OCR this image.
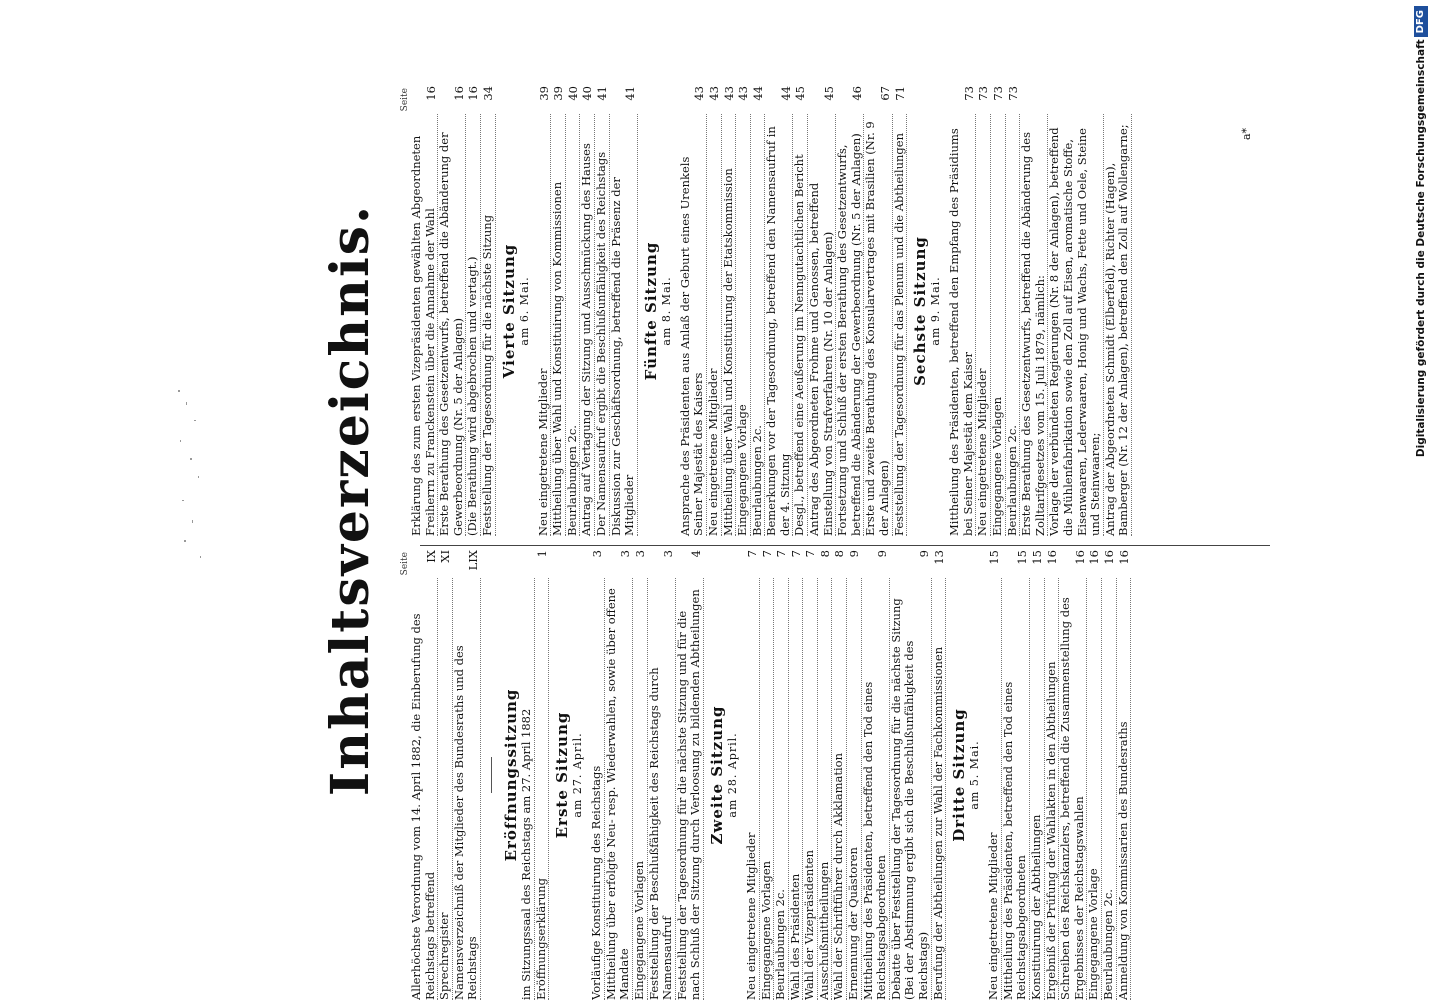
Inhaltsverzeichnis. Seite
Allerhöchste Verordnung vom 14. April 1882, die Einberufung des Reichstags betreffend
IX
Sprechregister
XI
Namensverzeichniß der Mitglieder des Bundesraths und des Reichstags
LIX
Eröffnungssitzung im Sitzungssaal des Reichstags am 27. April 1882 Eröffnungserklärung
1
Erste Sitzung am 27. April. Vorläufige Konstituirung des Reichstags
3
Mittheilung über erfolgte Neu- resp. Wiederwahlen, sowie über offene Mandate
3
Eingegangene Vorlagen
3
Feststellung der Beschlußfähigkeit des Reichstags durch Namensaufruf
3
Feststellung der Tagesordnung für die nächste Sitzung und für die nach Schluß der Sitzung durch Verloosung zu bildenden Abtheilungen
4
Zweite Sitzung am 28. April.
Neu eingetretene Mitglieder
7
Eingegangene Vorlagen
7
Beurlaubungen 2c.
7
Wahl des Präsidenten
7
Wahl der Vizepräsidenten
7
Ausschußmittheilungen
8
Wahl der Schriftführer durch Akklamation
8
Ernennung der Quästoren
9
Mittheilung des Präsidenten, betreffend den Tod eines Reichstagsabgeordneten
9
Debatte über Feststellung der Tagesordnung für die nächste Sitzung (Bei der Abstimmung ergibt sich die Beschlußunfähigkeit des Reichstags)
9
Berufung der Abtheilungen zur Wahl der Fachkommissionen
13
Dritte Sitzung am 5. Mai.
Neu eingetretene Mitglieder
15
Mittheilung des Präsidenten, betreffend den Tod eines Reichstagsabgeordneten
15
Konstituirung der Abtheilungen
15
Ergebniß der Prüfung der Wahlakten in den Abtheilungen
16
Schreiben des Reichskanzlers, betreffend die Zusammenstellung des Ergebnisses der Reichstagswahlen
16
Eingegangene Vorlage
16
Beurlaubungen 2c.
16
Anmeldung von Kommissarien des Bundesraths
16
Seite
Erklärung des zum ersten Vizepräsidenten gewählten Abgeordneten Freiherrn zu Franckenstein über die Annahme der Wahl
16
Erste Berathung des Gesetzentwurfs, betreffend die Abänderung der Gewerbeordnung (Nr. 5 der Anlagen)
16
(Die Berathung wird abgebrochen und vertagt.)
16
Feststellung der Tagesordnung für die nächste Sitzung
34
Vierte Sitzung am 6. Mai.
Neu eingetretene Mitglieder
39
Mittheilung über Wahl und Konstituirung von Kommissionen
39
Beurlaubungen 2c.
40
Antrag auf Vertagung der Sitzung und Ausschmückung des Hauses
40
Der Namensaufruf ergibt die Beschlußunfähigkeit des Reichstags
41
Diskussion zur Geschäftsordnung, betreffend die Präsenz der Mitglieder
41
Fünfte Sitzung am 8. Mai. Ansprache des Präsidenten aus Anlaß der Geburt eines Urenkels Seiner Majestät des Kaisers
43
Neu eingetretene Mitglieder
43
Mittheilung über Wahl und Konstituirung der Etatskommission
43
Eingegangene Vorlage
43
Beurlaubungen 2c.
44
Bemerkungen vor der Tagesordnung, betreffend den Namensaufruf in der 4. Sitzung
44
Desgl., betreffend eine Aeußerung im Nenngutachtlichen Bericht
45
Antrag des Abgeordneten Frohme und Genossen, betreffend Einstellung von Strafverfahren (Nr. 10 der Anlagen)
45
Fortsetzung und Schluß der ersten Berathung des Gesetzentwurfs, betreffend die Abänderung der Gewerbeordnung (Nr. 5 der Anlagen)
46
Erste und zweite Berathung des Konsularvertrages mit Brasilien (Nr. 9 der Anlagen)
67
Feststellung der Tagesordnung für das Plenum und die Abtheilungen
71
Sechste Sitzung am 9. Mai. Mittheilung des Präsidenten, betreffend den Empfang des Präsidiums bei Seiner Majestät dem Kaiser
73
Neu eingetretene Mitglieder
73
Eingegangene Vorlagen
73
Beurlaubungen 2c.
73
Erste Berathung des Gesetzentwurfs, betreffend die Abänderung des Zolltarifgesetzes vom 15. Juli 1879, nämlich: Vorlage der verbündeten Regierungen (Nr. 8 der Anlagen), betreffend die Mühlenfabrikation sowie den Zoll auf Eisen, aromatische Stoffe, Eisenwaaren, Lederwaaren, Honig und Wachs, Fette und Oele, Steine und Steinwaaren; Antrag der Abgeordneten Schmidt (Elberfeld), Richter (Hagen), Bamberger (Nr. 12 der Anlagen), betreffend den Zoll auf Wollengarne;	a*	Digitalisierung gefördert durch die Deutsche Forschungsgemeinschaft
DFG
